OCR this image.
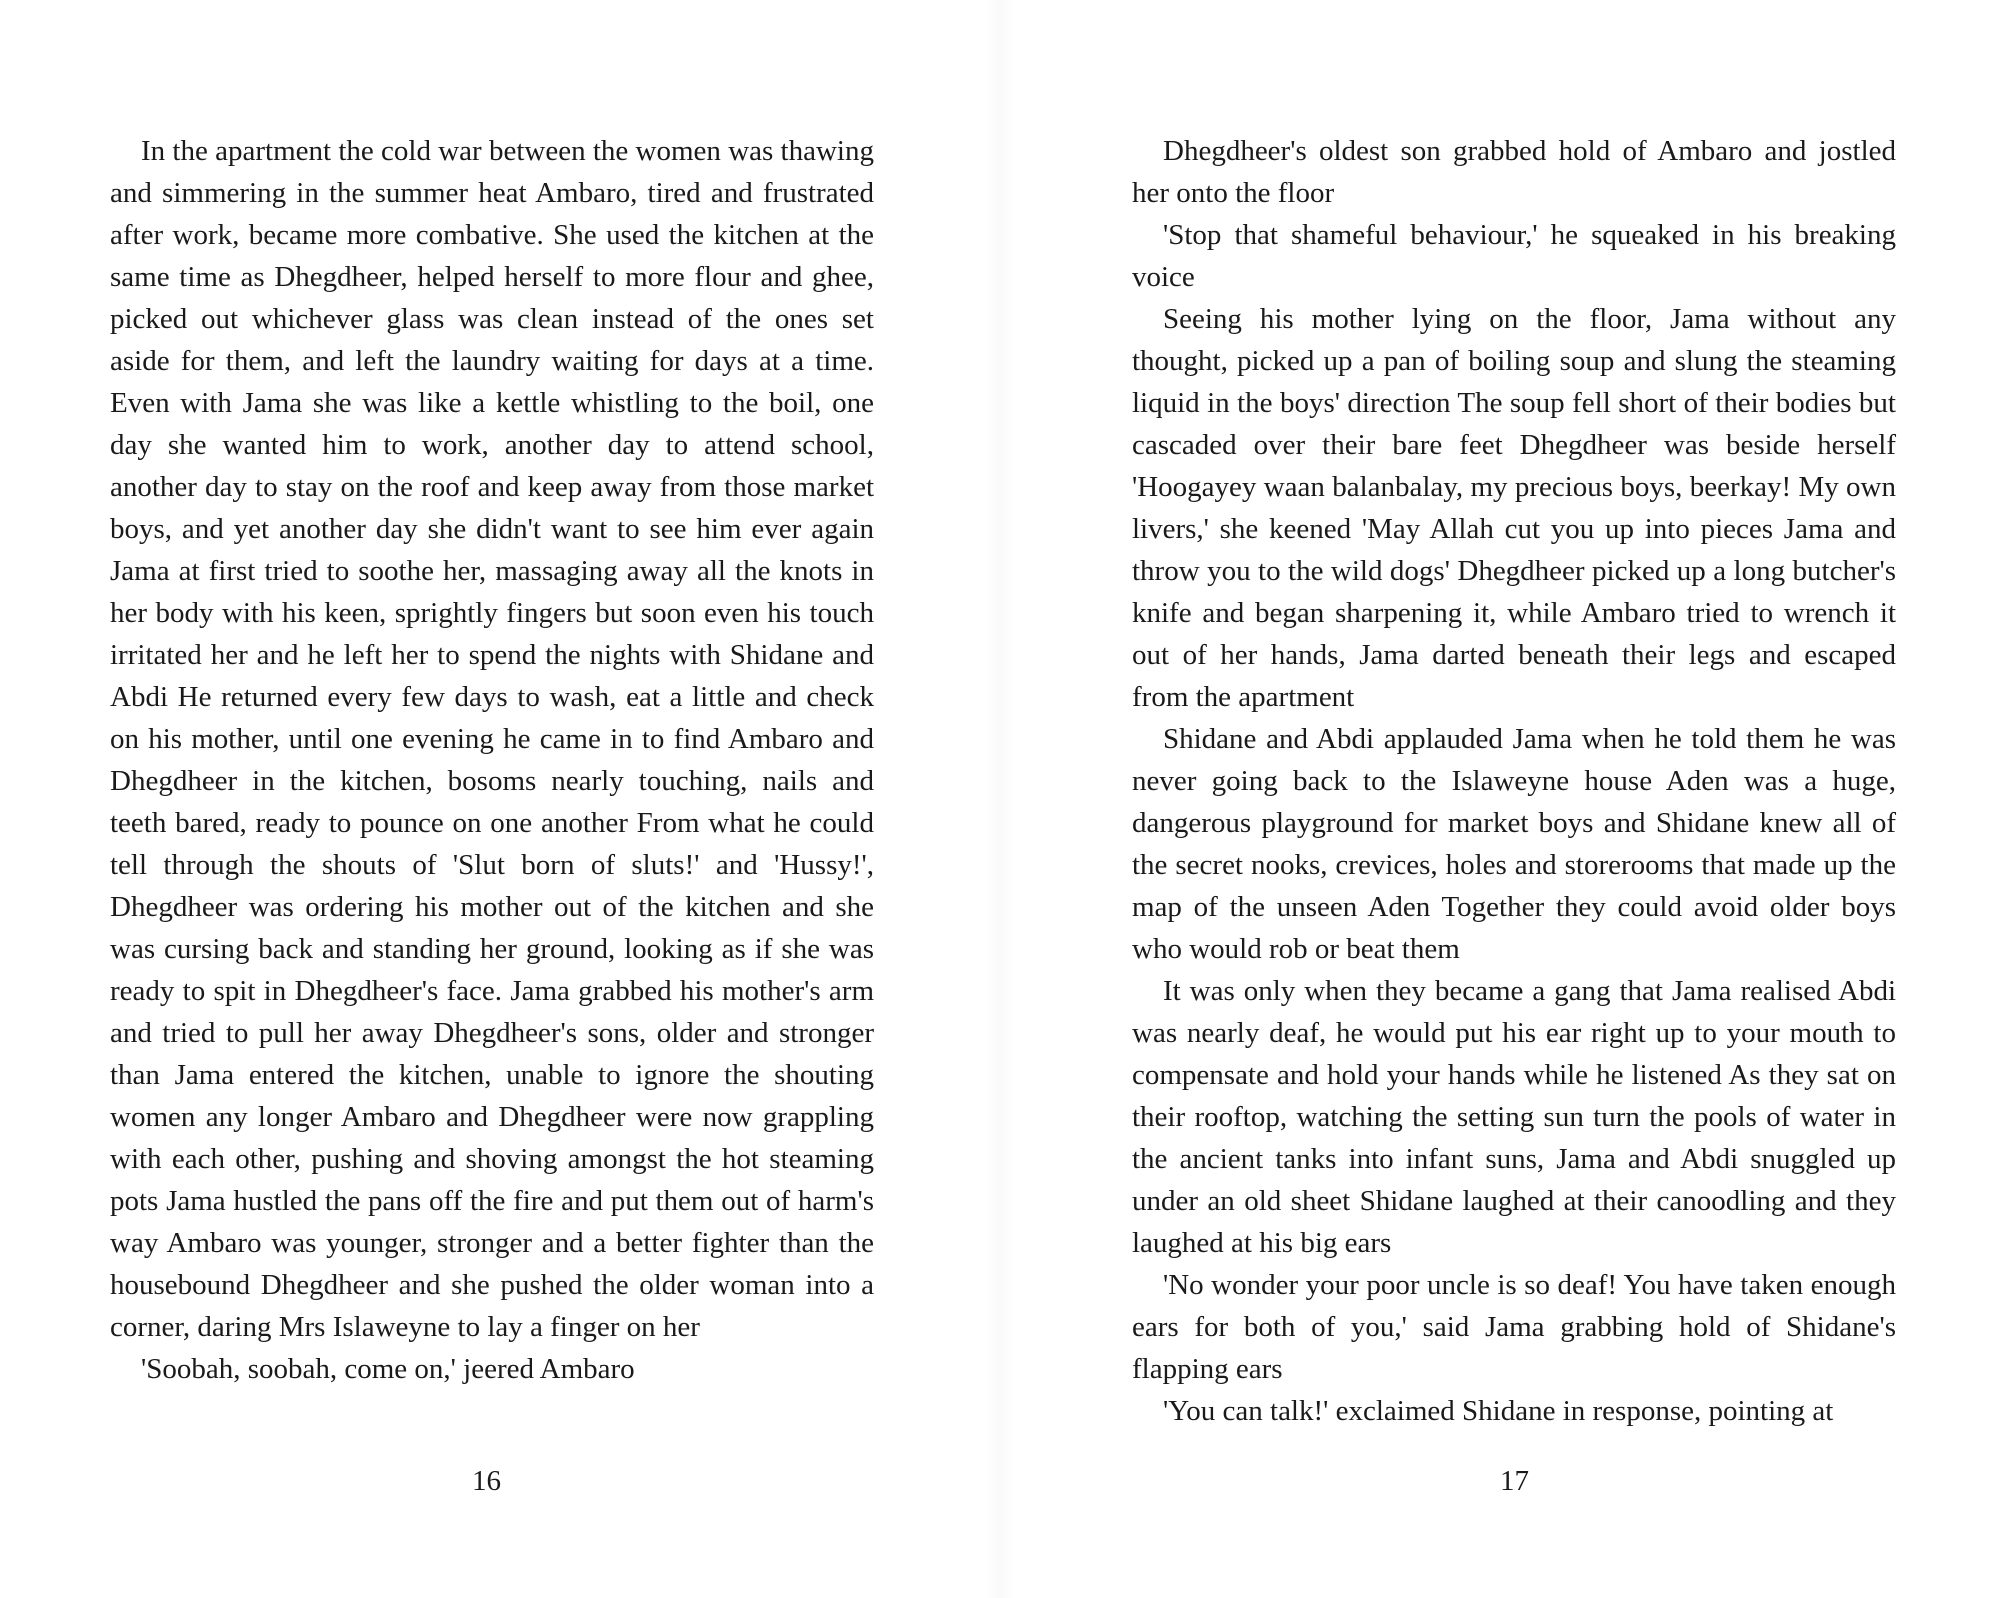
In the apartment the cold war between the women was thawing and simmering in the summer heat Ambaro, tired and frustrated after work, became more combative. She used the kitchen at the same time as Dhegdheer, helped herself to more flour and ghee, picked out whichever glass was clean instead of the ones set aside for them, and left the laundry waiting for days at a time. Even with Jama she was like a kettle whistling to the boil, one day she wanted him to work, another day to attend school, another day to stay on the roof and keep away from those market boys, and yet another day she didn't want to see him ever again Jama at first tried to soothe her, massaging away all the knots in her body with his keen, sprightly fingers but soon even his touch irritated her and he left her to spend the nights with Shidane and Abdi He returned every few days to wash, eat a little and check on his mother, until one evening he came in to find Ambaro and Dhegdheer in the kitchen, bosoms nearly touching, nails and teeth bared, ready to pounce on one another From what he could tell through the shouts of 'Slut born of sluts!' and 'Hussy!', Dhegdheer was ordering his mother out of the kitchen and she was cursing back and standing her ground, looking as if she was ready to spit in Dhegdheer's face. Jama grabbed his mother's arm and tried to pull her away Dhegdheer's sons, older and stronger than Jama entered the kitchen, unable to ignore the shouting women any longer Ambaro and Dhegdheer were now grappling with each other, pushing and shoving amongst the hot steaming pots Jama hustled the pans off the fire and put them out of harm's way Ambaro was younger, stronger and a better fighter than the housebound Dhegdheer and she pushed the older woman into a corner, daring Mrs Islaweyne to lay a finger on her

'Soobah, soobah, come on,' jeered Ambaro

16

Dhegdheer's oldest son grabbed hold of Ambaro and jostled her onto the floor

'Stop that shameful behaviour,' he squeaked in his breaking voice

Seeing his mother lying on the floor, Jama without any thought, picked up a pan of boiling soup and slung the steaming liquid in the boys' direction The soup fell short of their bodies but cascaded over their bare feet Dhegdheer was beside herself 'Hoogayey waan balanbalay, my precious boys, beerkay! My own livers,' she keened 'May Allah cut you up into pieces Jama and throw you to the wild dogs' Dhegdheer picked up a long butcher's knife and began sharpening it, while Ambaro tried to wrench it out of her hands, Jama darted beneath their legs and escaped from the apartment

Shidane and Abdi applauded Jama when he told them he was never going back to the Islaweyne house Aden was a huge, dangerous playground for market boys and Shidane knew all of the secret nooks, crevices, holes and storerooms that made up the map of the unseen Aden Together they could avoid older boys who would rob or beat them

It was only when they became a gang that Jama realised Abdi was nearly deaf, he would put his ear right up to your mouth to compensate and hold your hands while he listened As they sat on their rooftop, watching the setting sun turn the pools of water in the ancient tanks into infant suns, Jama and Abdi snuggled up under an old sheet Shidane laughed at their canoodling and they laughed at his big ears

'No wonder your poor uncle is so deaf! You have taken enough ears for both of you,' said Jama grabbing hold of Shidane's flapping ears

'You can talk!' exclaimed Shidane in response, pointing at

17
